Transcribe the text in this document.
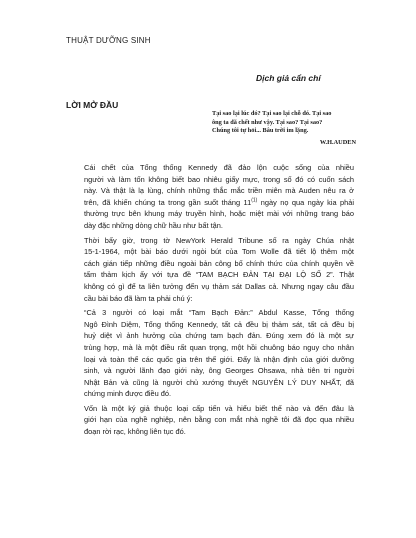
THUẬT DƯỠNG SINH
Dịch giả cẩn chí
LỜI MỞ ĐẦU
Tại sao lại lúc đó? Tại sao lại chỗ đó. Tại sao
ông ta đã chết như vậy. Tại sao? Tại sao?
Chúng tôi tự hỏi... Bâu trời im lặng.
W.H.AUDEN

Cái chết của Tổng thống Kennedy đã đảo lộn cuộc sống của nhiều
người và làm tốn không biết bao nhiêu giấy mực, trong số đó có cuốn sách
này. Và thật là lạ lùng, chính những thắc mắc triền miên mà Auden nêu ra ở
trên, đã khiến chúng ta trong gần suốt tháng 11$^{(1)}$ ngày nọ qua ngày kia phải
thường trực bên khung máy truyền hình, hoặc miệt mài với những trang báo
dày đặc những dòng chữ hầu như bất tận.

Thời bấy giờ, trong tờ NewYork Herald Tribune số ra ngày Chúa nhật
15-1-1964, một bài báo dưới ngòi bút của Tom Wolle đã tiết lộ thêm một
cách gián tiếp những điều ngoài bản công bố chính thức của chính quyền về
tấm thảm kịch ấy với tựa đề “TAM BẠCH ĐẢN TẠI ĐẠI LỘ SỐ 2”. Thật
không có gì để ta liên tưởng đến vụ thảm sát Dallas cả. Nhưng ngay câu đầu
cầu bài báo đã làm ta phải chú ý:

“Cả 3 người có loại mắt “Tam Bạch Đản:” Abdul Kasse, Tổng thống
Ngô Đình Diệm, Tổng thống Kennedy, tất cả đều bị thảm sát, tất cả đều bị
huỷ diệt vì ảnh hưởng của chứng tam bạch đản. Đúng xem đó là một sự
trùng hợp, mà là một điều rất quan trọng, một hồi chuông báo nguy cho nhân
loại và toàn thể các quốc gia trên thế giới. Đấy là nhận định của giới dưỡng
sinh, và người lãnh đạo giới này, ông Georges Ohsawa, nhà tiên tri người
Nhật Bản và cũng là người chủ xướng thuyết NGUYÊN LÝ DUY NHẤT, đã
chứng minh được điều đó.

Vốn là một ký giả thuộc loại cấp tiến và hiểu biết thế nào và đến đâu là
giới hạn của nghề nghiệp, nên bằng con mắt nhà nghề tôi đã đọc qua nhiều
đoạn rời rạc, không liên tục đó.
